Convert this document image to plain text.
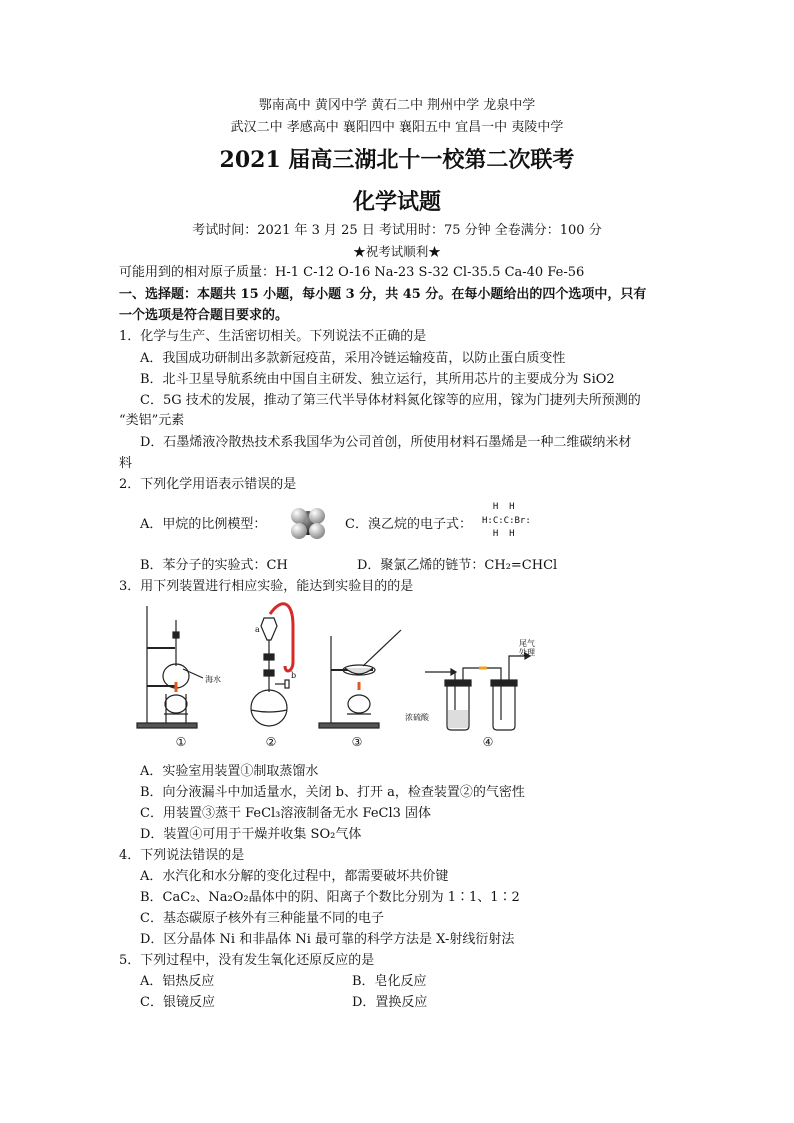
鄂南高中 黄冈中学 黄石二中 荆州中学 龙泉中学
武汉二中 孝感高中 襄阳四中 襄阳五中 宜昌一中 夷陵中学
2021 届高三湖北十一校第二次联考
化学试题
考试时间：2021 年 3 月 25 日 考试用时：75 分钟 全卷满分：100 分
★祝考试顺利★
可能用到的相对原子质量：H-1 C-12 O-16 Na-23 S-32 Cl-35.5 Ca-40 Fe-56
一、选择题：本题共 15 小题，每小题 3 分，共 45 分。在每小题给出的四个选项中，只有
一个选项是符合题目要求的。
1．化学与生产、生活密切相关。下列说法不正确的是
A．我国成功研制出多款新冠疫苗，采用冷链运输疫苗，以防止蛋白质变性
B．北斗卫星导航系统由中国自主研发、独立运行，其所用芯片的主要成分为 SiO2
C．5G 技术的发展，推动了第三代半导体材料氮化镓等的应用，镓为门捷列夫所预测的
“类铝”元素
D．石墨烯液冷散热技术系我国华为公司首创，所使用材料石墨烯是一种二维碳纳米材
料
2．下列化学用语表示错误的是
A．甲烷的比例模型：	C．溴乙烷的电子式：
H  H
H:C:C:Br:
H  H
B．苯分子的实验式：CH	D．聚氯乙烯的链节：CH₂=CHCl
3．用下列装置进行相应实验，能达到实验目的的是
海水
a
b
尾气
处理
浓硫酸
①	②	③	④
A．实验室用装置①制取蒸馏水
B．向分液漏斗中加适量水，关闭 b、打开 a，检查装置②的气密性
C．用装置③蒸干 FeCl₃溶液制备无水 FeCl3 固体
D．装置④可用于干燥并收集 SO₂气体
4．下列说法错误的是
A．水汽化和水分解的变化过程中，都需要破坏共价键
B．CaC₂、Na₂O₂晶体中的阴、阳离子个数比分别为 1∶1、1∶2
C．基态碳原子核外有三种能量不同的电子
D．区分晶体 Ni 和非晶体 Ni 最可靠的科学方法是 X-射线衍射法
5．下列过程中，没有发生氧化还原反应的是
A．铝热反应	B．皂化反应
C．银镜反应	D．置换反应
